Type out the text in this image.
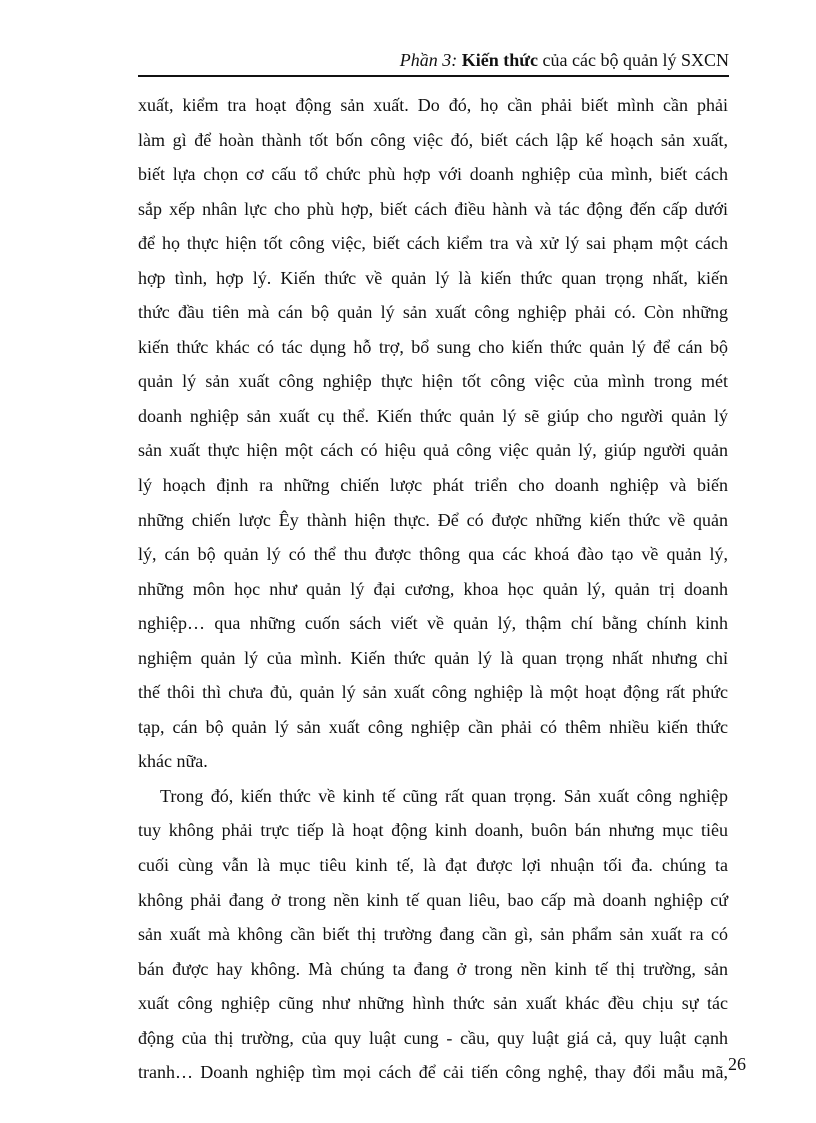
Phần 3: Kiến thức của các bộ quản lý SXCN
xuất, kiểm tra hoạt động sản xuất. Do đó, họ cần phải biết mình cần phải
làm gì để hoàn thành tốt bốn công việc đó, biết cách lập kế hoạch sản xuất,
biết lựa chọn cơ cấu tổ chức phù hợp với doanh nghiệp của mình, biết cách
sắp xếp nhân lực cho phù hợp, biết cách điều hành và tác động đến cấp dưới
để họ thực hiện tốt công việc, biết cách kiểm tra và xử lý sai phạm một cách
hợp tình, hợp lý. Kiến thức về quản lý là kiến thức quan trọng nhất, kiến
thức đầu tiên mà cán bộ quản lý sản xuất công nghiệp phải có. Còn những
kiến thức khác có tác dụng hỗ trợ, bổ sung cho kiến thức quản lý để cán bộ
quản lý sản xuất công nghiệp thực hiện tốt công việc của mình trong mét
doanh nghiệp sản xuất cụ thể. Kiến thức quản lý sẽ giúp cho người quản lý
sản xuất thực hiện một cách có hiệu quả công việc quản lý, giúp người quản
lý hoạch định ra những chiến lược phát triển cho doanh nghiệp và biến
những chiến lược Êy thành hiện thực. Để có được những kiến thức về quản
lý, cán bộ quản lý có thể thu được thông qua các khoá đào tạo về quản lý,
những môn học như quản lý đại cương, khoa học quản lý, quản trị doanh
nghiệp… qua những cuốn sách viết về quản lý, thậm chí bằng chính kinh
nghiệm quản lý của mình. Kiến thức quản lý là quan trọng nhất nhưng chỉ
thế thôi thì chưa đủ, quản lý sản xuất công nghiệp là một hoạt động rất phức
tạp, cán bộ quản lý sản xuất công nghiệp cần phải có thêm nhiều kiến thức
khác nữa.
Trong đó, kiến thức về kinh tế cũng rất quan trọng. Sản xuất công nghiệp
tuy không phải trực tiếp là hoạt động kinh doanh, buôn bán nhưng mục tiêu
cuối cùng vẫn là mục tiêu kinh tế, là đạt được lợi nhuận tối đa. chúng ta
không phải đang ở trong nền kinh tế quan liêu, bao cấp mà doanh nghiệp cứ
sản xuất mà không cần biết thị trường đang cần gì, sản phẩm sản xuất ra có
bán được hay không. Mà chúng ta đang ở trong nền kinh tế thị trường, sản
xuất công nghiệp cũng như những hình thức sản xuất khác đều chịu sự tác
động của thị trường, của quy luật cung - cầu, quy luật giá cả, quy luật cạnh
tranh… Doanh nghiệp tìm mọi cách để cải tiến công nghệ, thay đổi mẫu mã, 26
